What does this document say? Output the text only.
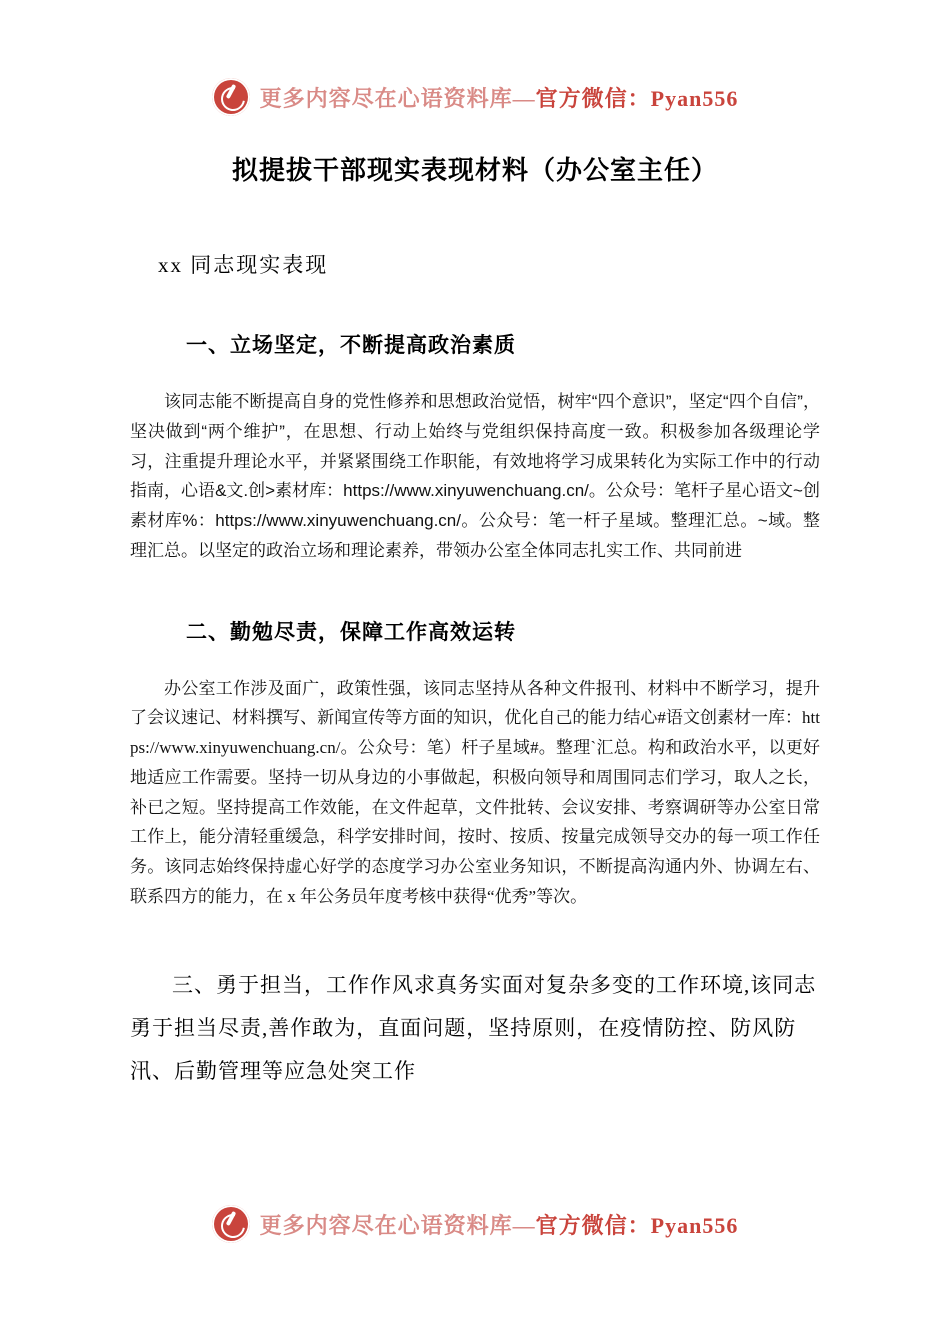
更多内容尽在心语资料库—官方微信：Pyan556
拟提拔干部现实表现材料（办公室主任）

xx 同志现实表现

一、立场坚定，不断提高政治素质

该同志能不断提高自身的党性修养和思想政治觉悟，树牢“四个意识”，坚定“四个自信”，坚决做到“两个维护”，在思想、行动上始终与党组织保持高度一致。积极参加各级理论学习，注重提升理论水平，并紧紧围绕工作职能，有效地将学习成果转化为实际工作中的行动指南，心语&文.创>素材库：https://www.xinyuwenchuang.cn/。公众号：笔杆子星心语文~创素材库%：https://www.xinyuwenchuang.cn/。公众号：笔一杆子星域。整理汇总。~域。整理汇总。以坚定的政治立场和理论素养，带领办公室全体同志扎实工作、共同前进

二、勤勉尽责，保障工作高效运转

办公室工作涉及面广，政策性强，该同志坚持从各种文件报刊、材料中不断学习，提升了会议速记、材料撰写、新闻宣传等方面的知识，优化自己的能力结心#语文创素材一库：https://www.xinyuwenchuang.cn/。公众号：笔）杆子星域#。整理`汇总。构和政治水平，以更好地适应工作需要。坚持一切从身边的小事做起，积极向领导和周围同志们学习，取人之长，补已之短。坚持提高工作效能，在文件起草，文件批转、会议安排、考察调研等办公室日常工作上，能分清轻重缓急，科学安排时间，按时、按质、按量完成领导交办的每一项工作任务。该同志始终保持虚心好学的态度学习办公室业务知识，不断提高沟通内外、协调左右、联系四方的能力，在 x 年公务员年度考核中获得“优秀”等次。

三、勇于担当，工作作风求真务实面对复杂多变的工作环境,该同志勇于担当尽责,善作敢为，直面问题，坚持原则，在疫情防控、防风防汛、后勤管理等应急处突工作

更多内容尽在心语资料库—官方微信：Pyan556
